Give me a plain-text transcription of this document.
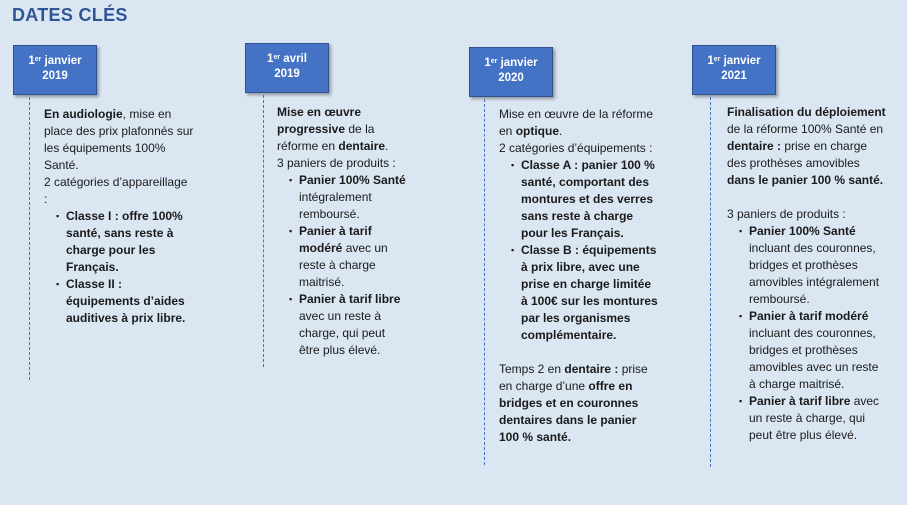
DATES CLÉS
1er janvier
2019

En audiologie, mise en place des prix plafonnés sur les équipements 100% Santé.

2 catégories d’appareillage :

▪ Classe I : offre 100% santé, sans reste à charge pour les Français.
▪ Classe II : équipements d’aides auditives à prix libre.
1er avril
2019

Mise en œuvre progressive de la réforme en dentaire.

3 paniers de produits :

▪ Panier 100% Santé intégralement remboursé.
▪ Panier à tarif modéré avec un reste à charge maitrisé.
▪ Panier à tarif libre avec un reste à charge, qui peut être plus élevé.
1er janvier
2020

Mise en œuvre de la réforme en optique.

2 catégories d’équipements :

▪ Classe A : panier 100 % santé, comportant des montures et des verres sans reste à charge pour les Français.
▪ Classe B : équipements à prix libre, avec une prise en charge limitée à 100€ sur les montures par les organismes complémentaire.

Temps 2 en dentaire : prise en charge d’une offre en bridges et en couronnes dentaires dans le panier 100 % santé.

1er janvier
2021

Finalisation du déploiement de la réforme 100% Santé en dentaire : prise en charge des prothèses amovibles dans le panier 100 % santé.

3 paniers de produits :

▪ Panier 100% Santé incluant des couronnes, bridges et prothèses amovibles intégralement remboursé.
▪ Panier à tarif modéré incluant des couronnes, bridges et prothèses amovibles avec un reste à charge maitrisé.
▪ Panier à tarif libre avec un reste à charge, qui peut être plus élevé.
